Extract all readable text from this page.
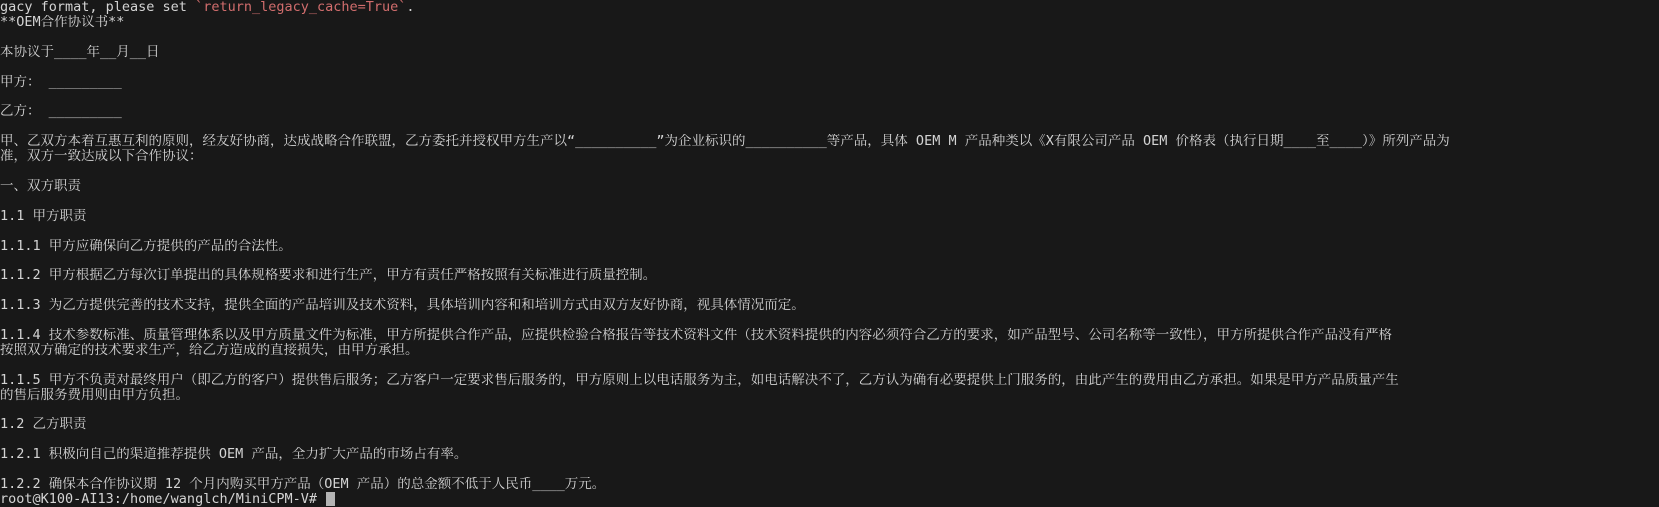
gacy format, please set `return_legacy_cache=True`.
**OEM合作协议书**
本协议于____年__月__日
甲方： _________
乙方： _________
甲、乙双方本着互惠互利的原则，经友好协商，达成战略合作联盟，乙方委托并授权甲方生产以“__________”为企业标识的__________等产品，具体 OEM M 产品种类以《X有限公司产品 OEM 价格表（执行日期____至____）》所列产品为
准，双方一致达成以下合作协议：
一、双方职责
1.1 甲方职责
1.1.1 甲方应确保向乙方提供的产品的合法性。
1.1.2 甲方根据乙方每次订单提出的具体规格要求和进行生产，甲方有责任严格按照有关标准进行质量控制。
1.1.3 为乙方提供完善的技术支持，提供全面的产品培训及技术资料，具体培训内容和和培训方式由双方友好协商，视具体情况而定。
1.1.4 技术参数标准、质量管理体系以及甲方质量文件为标准，甲方所提供合作产品，应提供检验合格报告等技术资料文件（技术资料提供的内容必须符合乙方的要求，如产品型号、公司名称等一致性），甲方所提供合作产品没有严格
按照双方确定的技术要求生产，给乙方造成的直接损失，由甲方承担。
1.1.5 甲方不负责对最终用户（即乙方的客户）提供售后服务；乙方客户一定要求售后服务的，甲方原则上以电话服务为主，如电话解决不了，乙方认为确有必要提供上门服务的，由此产生的费用由乙方承担。如果是甲方产品质量产生
的售后服务费用则由甲方负担。
1.2 乙方职责
1.2.1 积极向自己的渠道推荐提供 OEM 产品，全力扩大产品的市场占有率。
1.2.2 确保本合作协议期 12 个月内购买甲方产品（OEM 产品）的总金额不低于人民币____万元。
root@K100-AI13:/home/wanglch/MiniCPM-V#
